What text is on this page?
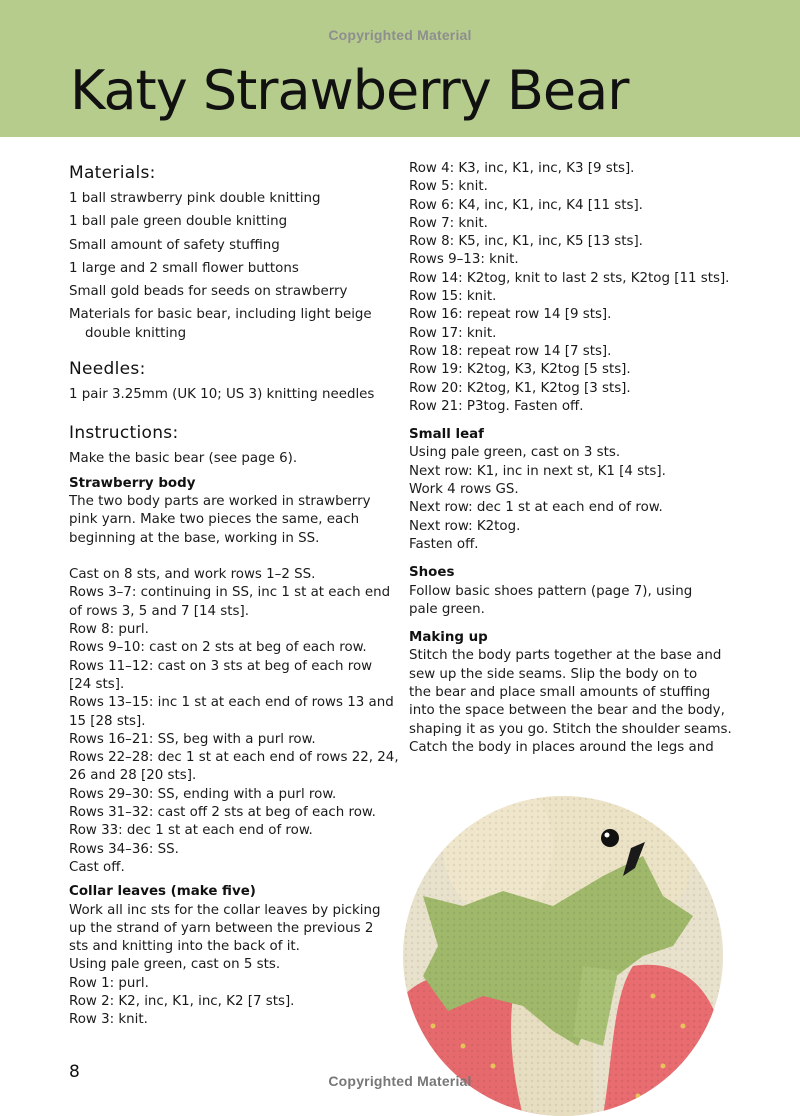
Copyrighted Material
Katy Strawberry Bear
Materials:

1 ball strawberry pink double knitting

1 ball pale green double knitting

Small amount of safety stuffing

1 large and 2 small flower buttons

Small gold beads for seeds on strawberry

Materials for basic bear, including light beige double knitting

Needles:

1 pair 3.25mm (UK 10; US 3) knitting needles

Instructions:

Make the basic bear (see page 6).

Strawberry body

The two body parts are worked in strawberry

pink yarn. Make two pieces the same, each

beginning at the base, working in SS.

Cast on 8 sts, and work rows 1–2 SS.

Rows 3–7: continuing in SS, inc 1 st at each end

of rows 3, 5 and 7 [14 sts].

Row 8: purl.

Rows 9–10: cast on 2 sts at beg of each row.

Rows 11–12: cast on 3 sts at beg of each row

[24 sts].

Rows 13–15: inc 1 st at each end of rows 13 and

15 [28 sts].

Rows 16–21: SS, beg with a purl row.

Rows 22–28: dec 1 st at each end of rows 22, 24,

26 and 28 [20 sts].

Rows 29–30: SS, ending with a purl row.

Rows 31–32: cast off 2 sts at beg of each row.

Row 33: dec 1 st at each end of row.

Rows 34–36: SS.

Cast off.

Collar leaves (make five)

Work all inc sts for the collar leaves by picking

up the strand of yarn between the previous 2

sts and knitting into the back of it.

Using pale green, cast on 5 sts.

Row 1: purl.

Row 2: K2, inc, K1, inc, K2 [7 sts].

Row 3: knit.

Row 4: K3, inc, K1, inc, K3 [9 sts].

Row 5: knit.

Row 6: K4, inc, K1, inc, K4 [11 sts].

Row 7: knit.

Row 8: K5, inc, K1, inc, K5 [13 sts].

Rows 9–13: knit.

Row 14: K2tog, knit to last 2 sts, K2tog [11 sts].

Row 15: knit.

Row 16: repeat row 14 [9 sts].

Row 17: knit.

Row 18: repeat row 14 [7 sts].

Row 19: K2tog, K3, K2tog [5 sts].

Row 20: K2tog, K1, K2tog [3 sts].

Row 21: P3tog. Fasten off.

Small leaf

Using pale green, cast on 3 sts.

Next row: K1, inc in next st, K1 [4 sts].

Work 4 rows GS.

Next row: dec 1 st at each end of row.

Next row: K2tog.

Fasten off.

Shoes

Follow basic shoes pattern (page 7), using

pale green.

Making up

Stitch the body parts together at the base and

sew up the side seams. Slip the body on to

the bear and place small amounts of stuffing

into the space between the bear and the body,

shaping it as you go. Stitch the shoulder seams.

Catch the body in places around the legs and

8	Copyrighted Material
